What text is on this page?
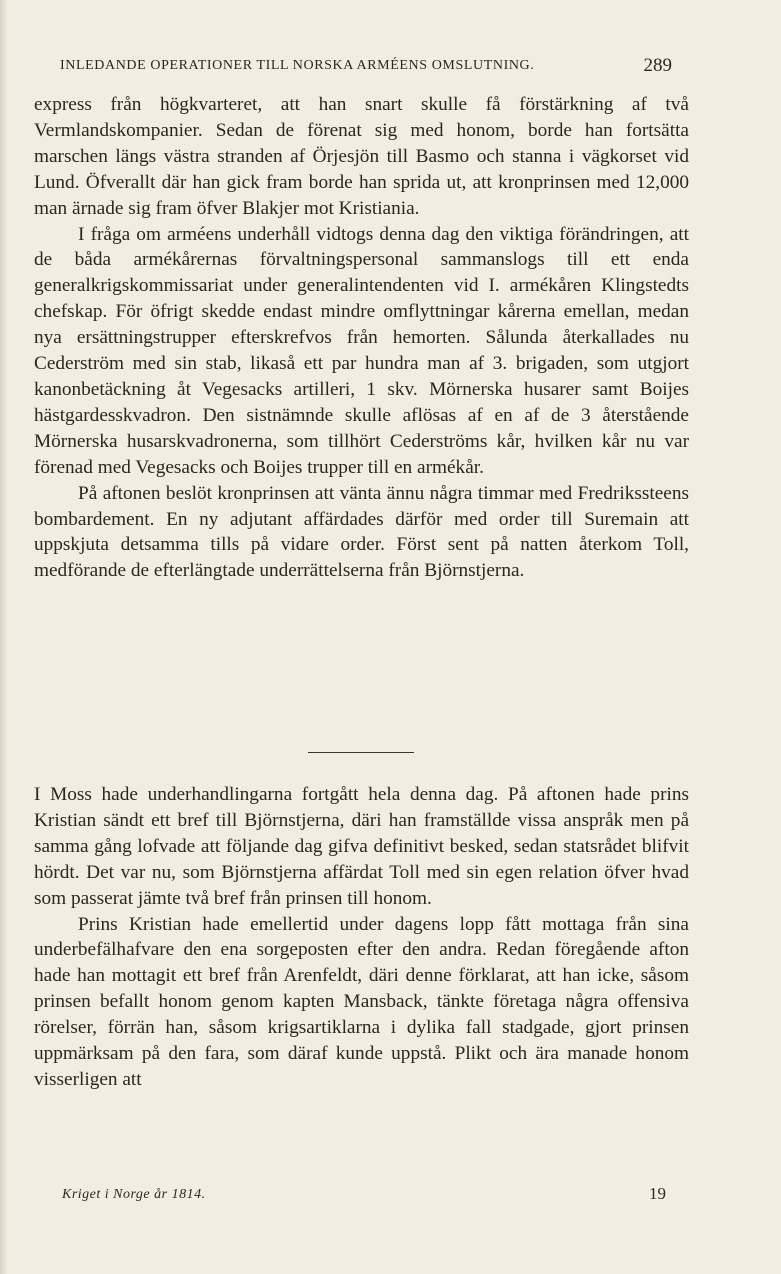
INLEDANDE OPERATIONER TILL NORSKA ARMÉENS OMSLUTNING.	289

express från högkvarteret, att han snart skulle få förstärkning af två Vermlandskompanier. Sedan de förenat sig med honom, borde han fortsätta marschen längs västra stranden af Örjesjön till Basmo och stanna i vägkorset vid Lund. Öfverallt där han gick fram borde han sprida ut, att kronprinsen med 12,000 man ärnade sig fram öfver Blakjer mot Kristiania.

I fråga om arméens underhåll vidtogs denna dag den viktiga förändringen, att de båda armékårernas förvaltningspersonal sammanslogs till ett enda generalkrigskommissariat under generalintendenten vid I. armékåren Klingstedts chefskap. För öfrigt skedde endast mindre omflyttningar kårerna emellan, medan nya ersättningstrupper efterskrefvos från hemorten. Sålunda återkallades nu Cederström med sin stab, likaså ett par hundra man af 3. brigaden, som utgjort kanonbetäckning åt Vegesacks artilleri, 1 skv. Mörnerska husarer samt Boijes hästgardesskvadron. Den sistnämnde skulle aflösas af en af de 3 återstående Mörnerska husarskvadronerna, som tillhört Cederströms kår, hvilken kår nu var förenad med Vegesacks och Boijes trupper till en armékår.

På aftonen beslöt kronprinsen att vänta ännu några timmar med Fredrikssteens bombardement. En ny adjutant affärdades därför med order till Suremain att uppskjuta detsamma tills på vidare order. Först sent på natten återkom Toll, medförande de efterlängtade underrättelserna från Björnstjerna.

I Moss hade underhandlingarna fortgått hela denna dag. På aftonen hade prins Kristian sändt ett bref till Björnstjerna, däri han framställde vissa anspråk men på samma gång lofvade att följande dag gifva definitivt besked, sedan statsrådet blifvit hördt. Det var nu, som Björnstjerna affärdat Toll med sin egen relation öfver hvad som passerat jämte två bref från prinsen till honom.

Prins Kristian hade emellertid under dagens lopp fått mottaga från sina underbefälhafvare den ena sorgeposten efter den andra. Redan föregående afton hade han mottagit ett bref från Arenfeldt, däri denne förklarat, att han icke, såsom prinsen befallt honom genom kapten Mansback, tänkte företaga några offensiva rörelser, förrän han, såsom krigsartiklarna i dylika fall stadgade, gjort prinsen uppmärksam på den fara, som däraf kunde uppstå. Plikt och ära manade honom visserligen att

Kriget i Norge år 1814.	19
